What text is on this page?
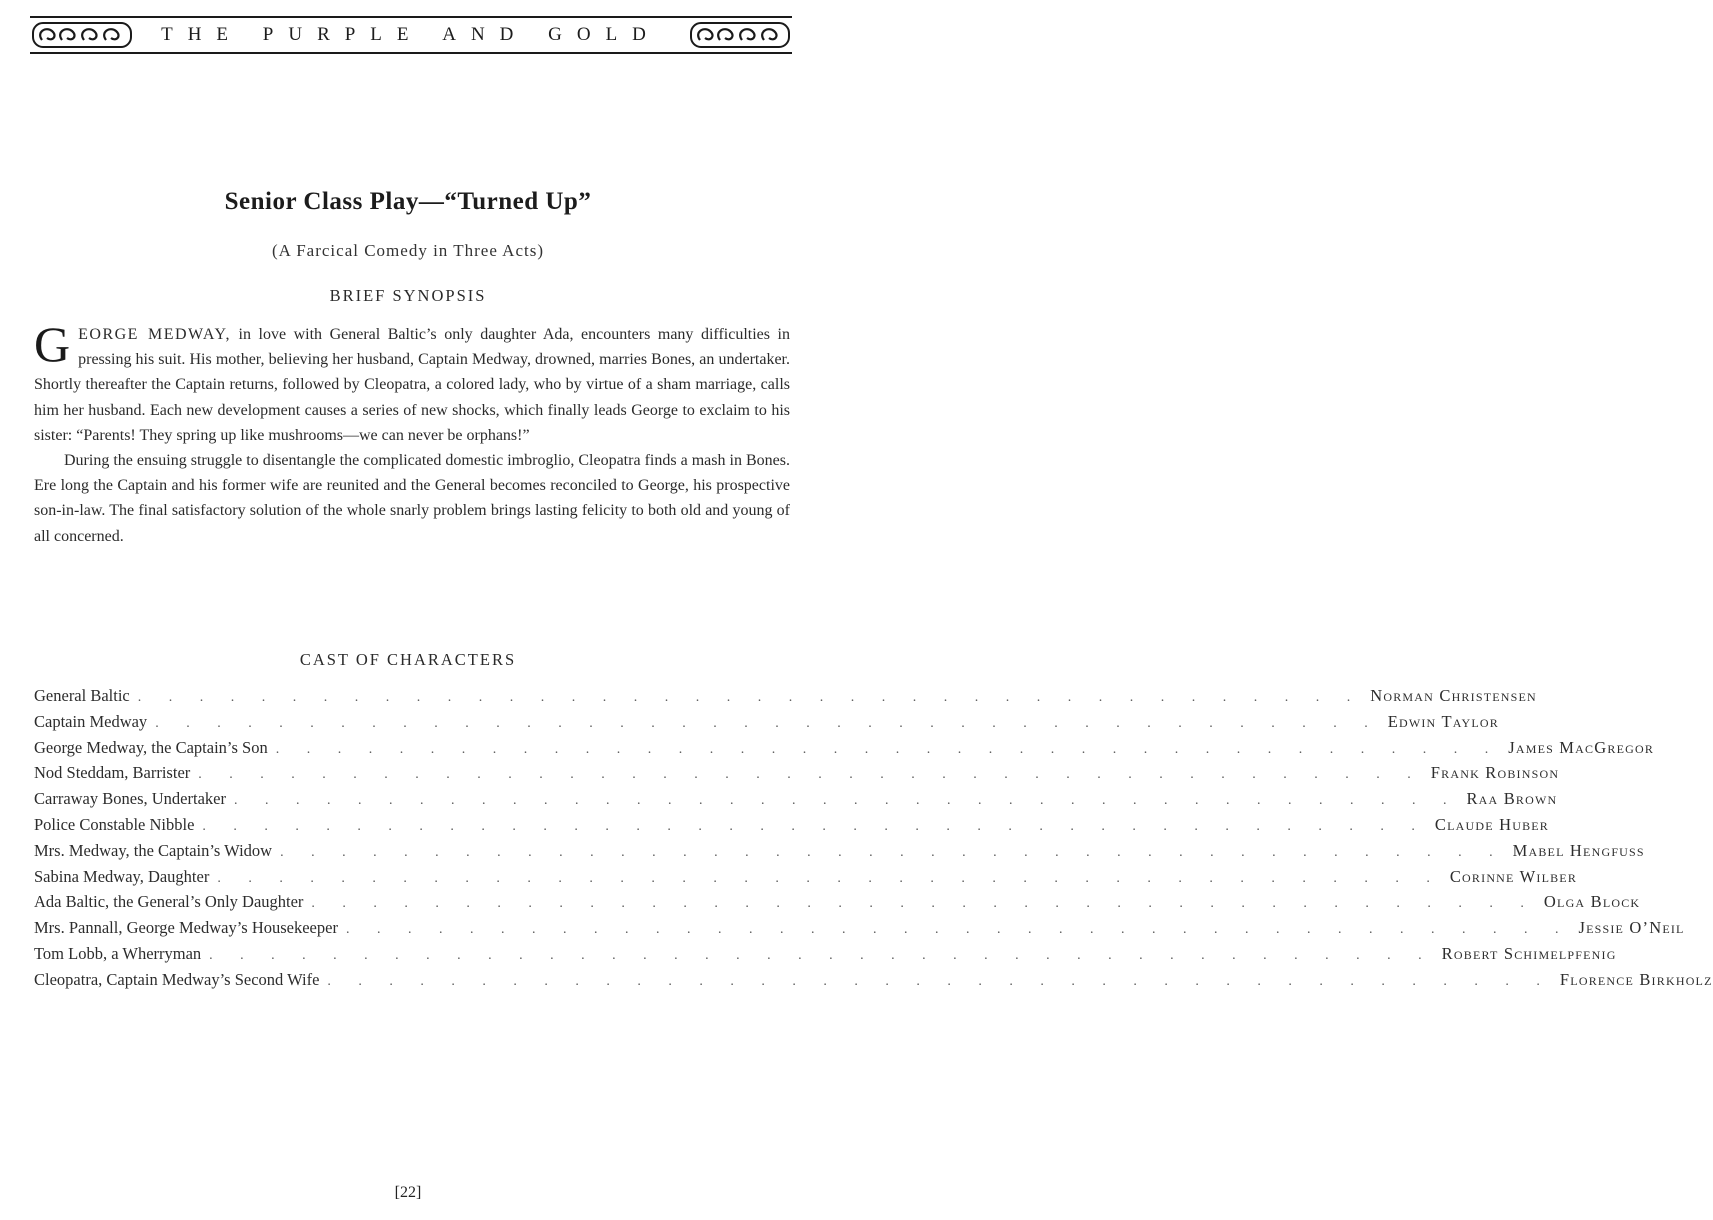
THE PURPLE AND GOLD
Senior Class Play—“Turned Up”
(A Farcical Comedy in Three Acts)
BRIEF SYNOPSIS

GEORGE MEDWAY, in love with General Baltic’s only daughter Ada, encounters many difficulties in pressing his suit. His mother, believing her husband, Captain Medway, drowned, marries Bones, an undertaker. Shortly thereafter the Captain returns, followed by Cleopatra, a colored lady, who by virtue of a sham marriage, calls him her husband. Each new development causes a series of new shocks, which finally leads George to exclaim to his sister: “Parents! They spring up like mushrooms—we can never be orphans!”

During the ensuing struggle to disentangle the complicated domestic imbroglio, Cleopatra finds a mash in Bones. Ere long the Captain and his former wife are reunited and the General becomes reconciled to George, his prospective son-in-law. The final satisfactory solution of the whole snarly problem brings lasting felicity to both old and young of all concerned.

CAST OF CHARACTERS
General Baltic . . . . . . . . . . . . . . . . . . . . . . . . . . . . . . . . . . . . . . . . Norman Christensen
Captain Medway . . . . . . . . . . . . . . . . . . . . . . . . . . . . . . . . . . . . . . . . Edwin Taylor
George Medway, the Captain’s Son . . . . . . . . . . . . . . . . . . . . . . . . . . . . . . . . . . . . . . . . James MacGregor
Nod Steddam, Barrister . . . . . . . . . . . . . . . . . . . . . . . . . . . . . . . . . . . . . . . . Frank Robinson
Carraway Bones, Undertaker . . . . . . . . . . . . . . . . . . . . . . . . . . . . . . . . . . . . . . . . Raa Brown
Police Constable Nibble . . . . . . . . . . . . . . . . . . . . . . . . . . . . . . . . . . . . . . . . Claude Huber
Mrs. Medway, the Captain’s Widow . . . . . . . . . . . . . . . . . . . . . . . . . . . . . . . . . . . . . . . . Mabel Hengfuss
Sabina Medway, Daughter . . . . . . . . . . . . . . . . . . . . . . . . . . . . . . . . . . . . . . . . Corinne Wilber
Ada Baltic, the General’s Only Daughter . . . . . . . . . . . . . . . . . . . . . . . . . . . . . . . . . . . . . . . . Olga Block
Mrs. Pannall, George Medway’s Housekeeper . . . . . . . . . . . . . . . . . . . . . . . . . . . . . . . . . . . . . . . . Jessie O’Neil
Tom Lobb, a Wherryman . . . . . . . . . . . . . . . . . . . . . . . . . . . . . . . . . . . . . . . . Robert Schimelpfenig
Cleopatra, Captain Medway’s Second Wife . . . . . . . . . . . . . . . . . . . . . . . . . . . . . . . . . . . . . . . . Florence Birkholz
[22]
